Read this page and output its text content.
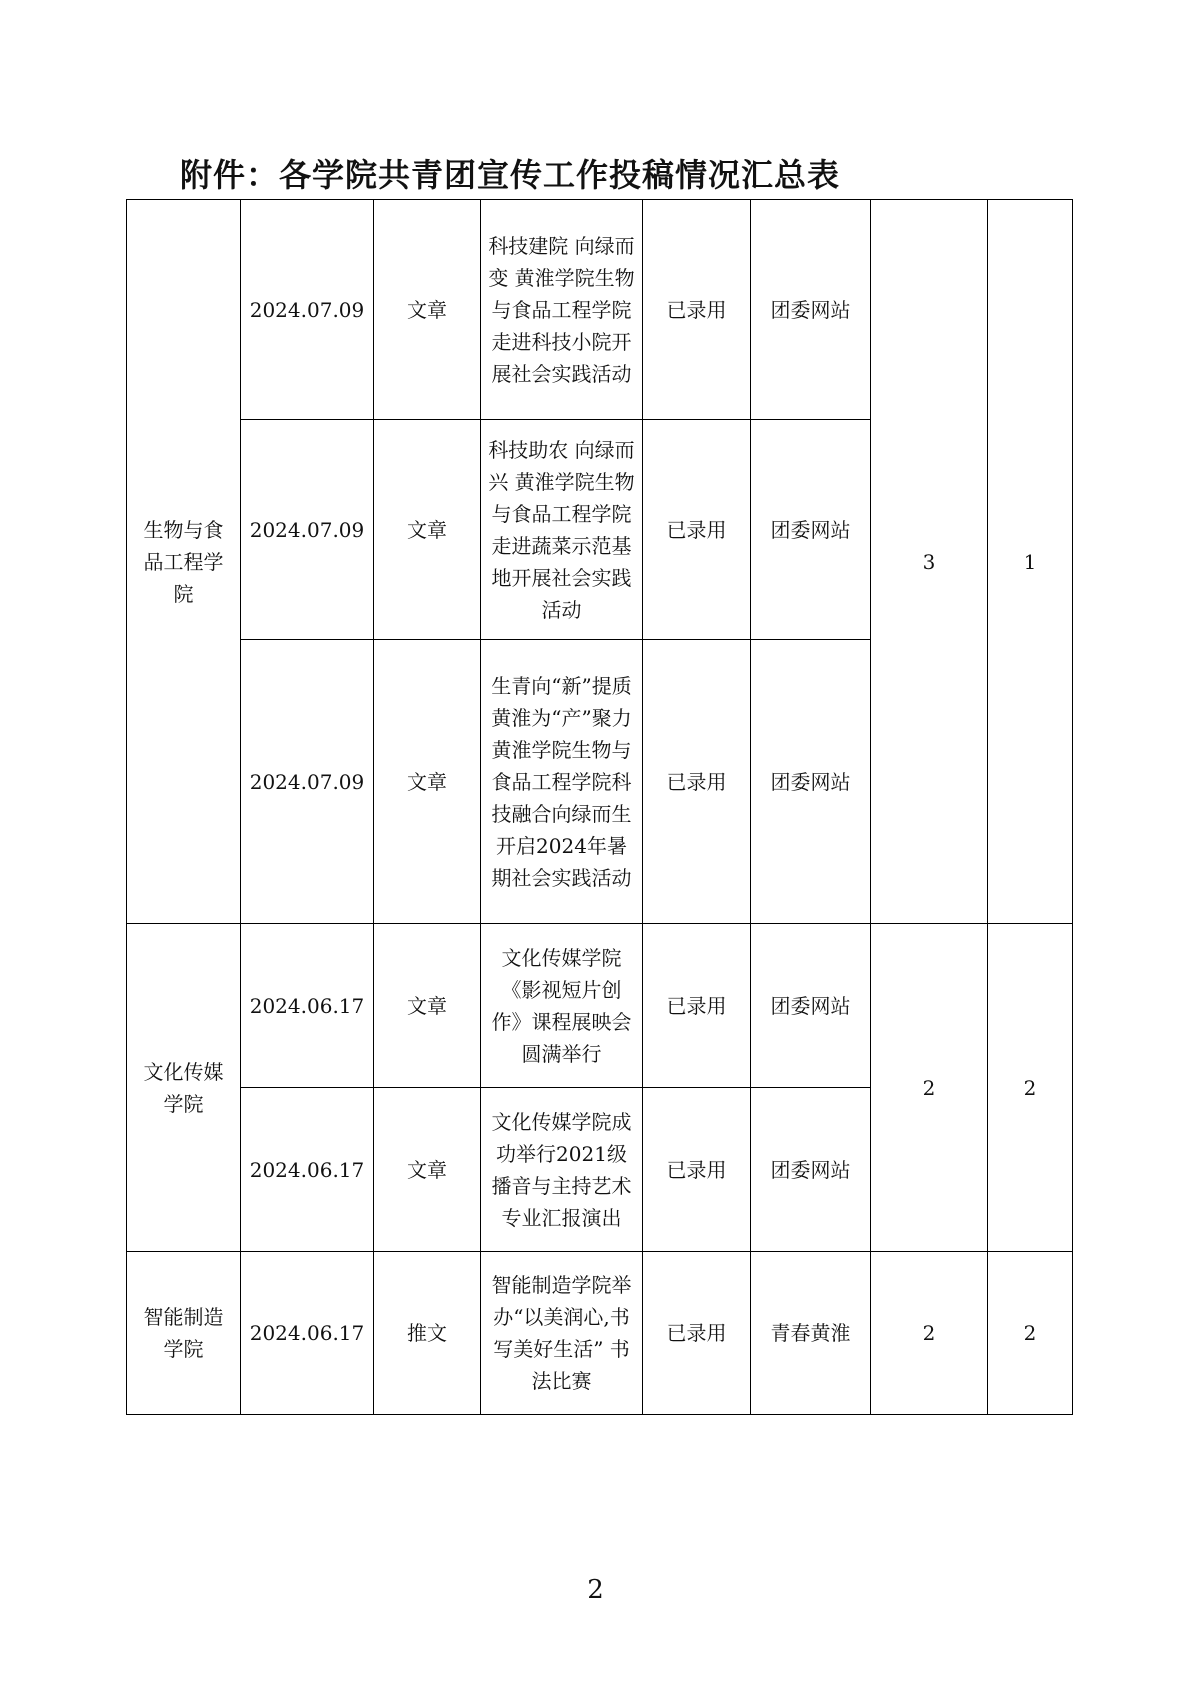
附件：各学院共青团宣传工作投稿情况汇总表
生物与食品工程学院	2024.07.09	文章	科技建院 向绿而变 黄淮学院生物与食品工程学院走进科技小院开展社会实践活动	已录用	团委网站	3	1
	2024.07.09	文章	科技助农 向绿而兴 黄淮学院生物与食品工程学院走进蔬菜示范基地开展社会实践活动	已录用	团委网站		
	2024.07.09	文章	生青向“新”提质 黄淮为“产”聚力 黄淮学院生物与食品工程学院科技融合向绿而生开启2024年暑期社会实践活动	已录用	团委网站		
文化传媒学院	2024.06.17	文章	文化传媒学院《影视短片创作》课程展映会圆满举行	已录用	团委网站	2	2
	2024.06.17	文章	文化传媒学院成功举行2021级播音与主持艺术专业汇报演出	已录用	团委网站		
智能制造学院	2024.06.17	推文	智能制造学院举办“以美润心,书写美好生活” 书法比赛	已录用	青春黄淮	2	2
2
